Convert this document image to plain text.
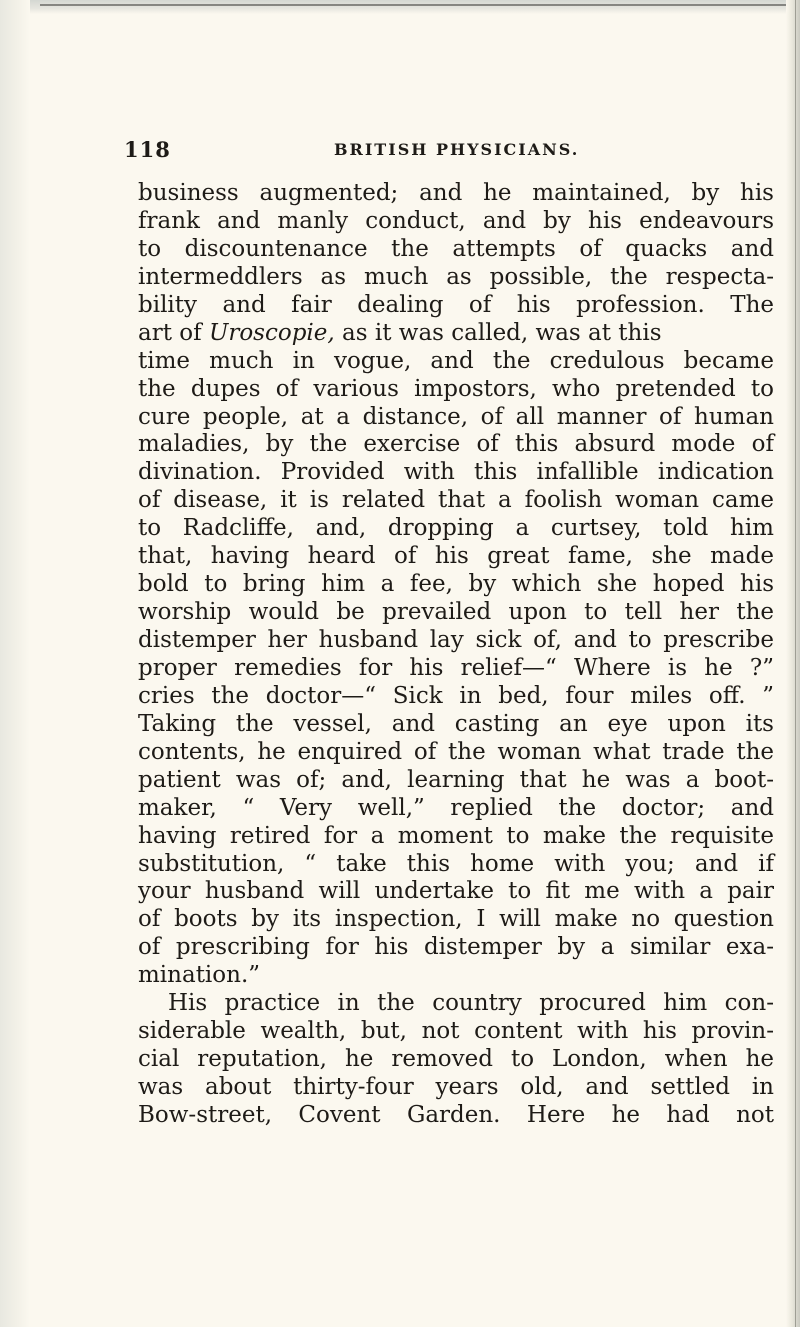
118	BRITISH PHYSICIANS.
business augmented; and he maintained, by his
frank and manly conduct, and by his endeavours
to discountenance the attempts of quacks and
intermeddlers as much as possible, the respecta-
bility and fair dealing of his profession. The
art of Uroscopie, as it was called, was at this
time much in vogue, and the credulous became
the dupes of various impostors, who pretended to
cure people, at a distance, of all manner of human
maladies, by the exercise of this absurd mode of
divination. Provided with this infallible indication
of disease, it is related that a foolish woman came
to Radcliffe, and, dropping a curtsey, told him
that, having heard of his great fame, she made
bold to bring him a fee, by which she hoped his
worship would be prevailed upon to tell her the
distemper her husband lay sick of, and to prescribe
proper remedies for his relief—“ Where is he ?”
cries the doctor—“ Sick in bed, four miles off. ”
Taking the vessel, and casting an eye upon its
contents, he enquired of the woman what trade the
patient was of; and, learning that he was a boot-
maker, “ Very well,” replied the doctor; and
having retired for a moment to make the requisite
substitution, “ take this home with you; and if
your husband will undertake to fit me with a pair
of boots by its inspection, I will make no question
of prescribing for his distemper by a similar exa-
mination.”
His practice in the country procured him con-
siderable wealth, but, not content with his provin-
cial reputation, he removed to London, when he
was about thirty-four years old, and settled in
Bow-street, Covent Garden. Here he had not
